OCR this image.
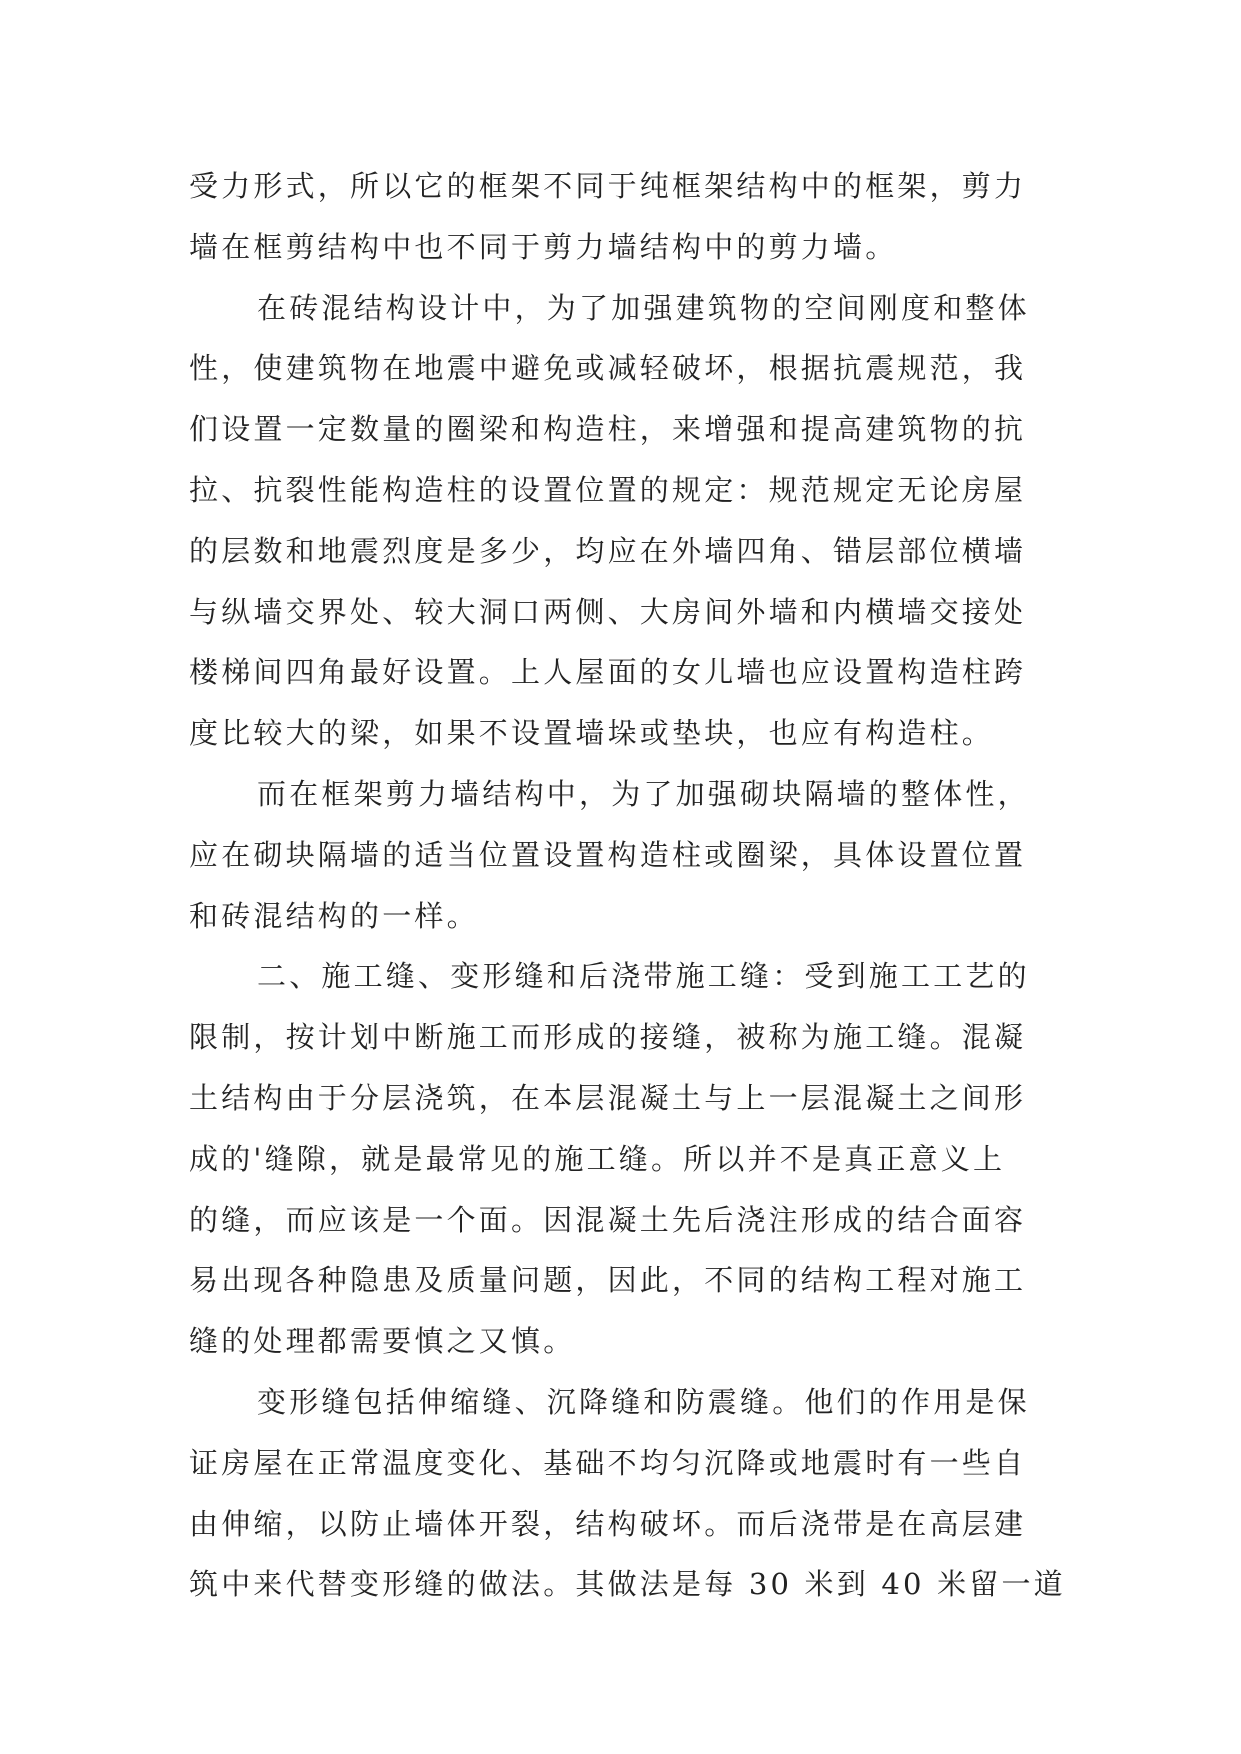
受力形式，所以它的框架不同于纯框架结构中的框架，剪力
墙在框剪结构中也不同于剪力墙结构中的剪力墙。
在砖混结构设计中，为了加强建筑物的空间刚度和整体
性，使建筑物在地震中避免或减轻破坏，根据抗震规范，我
们设置一定数量的圈梁和构造柱，来增强和提高建筑物的抗
拉、抗裂性能构造柱的设置位置的规定：规范规定无论房屋
的层数和地震烈度是多少，均应在外墙四角、错层部位横墙
与纵墙交界处、较大洞口两侧、大房间外墙和内横墙交接处
楼梯间四角最好设置。上人屋面的女儿墙也应设置构造柱跨
度比较大的梁，如果不设置墙垛或垫块，也应有构造柱。
而在框架剪力墙结构中，为了加强砌块隔墙的整体性，
应在砌块隔墙的适当位置设置构造柱或圈梁，具体设置位置
和砖混结构的一样。
二、施工缝、变形缝和后浇带施工缝：受到施工工艺的
限制，按计划中断施工而形成的接缝，被称为施工缝。混凝
土结构由于分层浇筑，在本层混凝土与上一层混凝土之间形
成的'缝隙，就是最常见的施工缝。所以并不是真正意义上
的缝，而应该是一个面。因混凝土先后浇注形成的结合面容
易出现各种隐患及质量问题，因此，不同的结构工程对施工
缝的处理都需要慎之又慎。
变形缝包括伸缩缝、沉降缝和防震缝。他们的作用是保
证房屋在正常温度变化、基础不均匀沉降或地震时有一些自
由伸缩，以防止墙体开裂，结构破坏。而后浇带是在高层建
筑中来代替变形缝的做法。其做法是每 30 米到 40 米留一道
